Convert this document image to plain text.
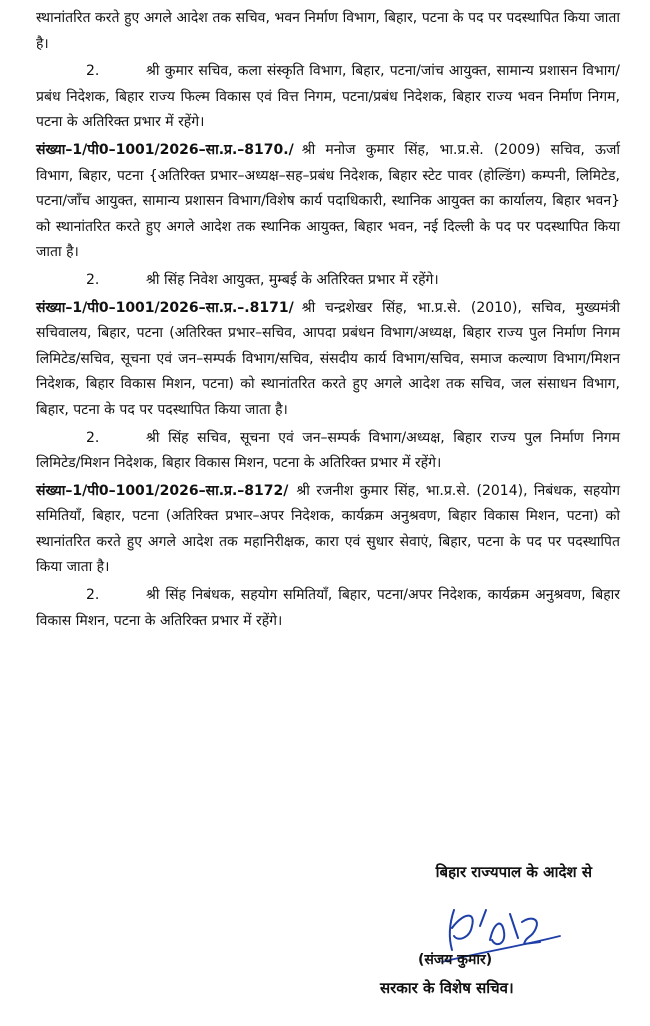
स्थानांतरित करते हुए अगले आदेश तक सचिव, भवन निर्माण विभाग, बिहार, पटना के पद पर पदस्थापित किया जाता है।

2.	श्री कुमार सचिव, कला संस्कृति विभाग, बिहार, पटना/जांच आयुक्त, सामान्य प्रशासन विभाग/प्रबंध निदेशक, बिहार राज्य फिल्म विकास एवं वित्त निगम, पटना/प्रबंध निदेशक, बिहार राज्य भवन निर्माण निगम, पटना के अतिरिक्त प्रभार में रहेंगे।

संख्या–1/पी0–1001/2026–सा.प्र.–8170./ श्री मनोज कुमार सिंह, भा.प्र.से. (2009) सचिव, ऊर्जा विभाग, बिहार, पटना {अतिरिक्त प्रभार–अध्यक्ष–सह–प्रबंध निदेशक, बिहार स्टेट पावर (होल्डिंग) कम्पनी, लिमिटेड, पटना/जाँच आयुक्त, सामान्य प्रशासन विभाग/विशेष कार्य पदाधिकारी, स्थानिक आयुक्त का कार्यालय, बिहार भवन} को स्थानांतरित करते हुए अगले आदेश तक स्थानिक आयुक्त, बिहार भवन, नई दिल्ली के पद पर पदस्थापित किया जाता है।

2.	श्री सिंह निवेश आयुक्त, मुम्बई के अतिरिक्त प्रभार में रहेंगे।

संख्या–1/पी0–1001/2026–सा.प्र.–.8171/ श्री चन्द्रशेखर सिंह, भा.प्र.से. (2010), सचिव, मुख्यमंत्री सचिवालय, बिहार, पटना (अतिरिक्त प्रभार–सचिव, आपदा प्रबंधन विभाग/अध्यक्ष, बिहार राज्य पुल निर्माण निगम लिमिटेड/सचिव, सूचना एवं जन–सम्पर्क विभाग/सचिव, संसदीय कार्य विभाग/सचिव, समाज कल्याण विभाग/मिशन निदेशक, बिहार विकास मिशन, पटना) को स्थानांतरित करते हुए अगले आदेश तक सचिव, जल संसाधन विभाग, बिहार, पटना के पद पर पदस्थापित किया जाता है।

2.	श्री सिंह सचिव, सूचना एवं जन–सम्पर्क विभाग/अध्यक्ष, बिहार राज्य पुल निर्माण निगम लिमिटेड/मिशन निदेशक, बिहार विकास मिशन, पटना के अतिरिक्त प्रभार में रहेंगे।

संख्या–1/पी0–1001/2026–सा.प्र.–8172/ श्री रजनीश कुमार सिंह, भा.प्र.से. (2014), निबंधक, सहयोग समितियाँ, बिहार, पटना (अतिरिक्त प्रभार–अपर निदेशक, कार्यक्रम अनुश्रवण, बिहार विकास मिशन, पटना) को स्थानांतरित करते हुए अगले आदेश तक महानिरीक्षक, कारा एवं सुधार सेवाएं, बिहार, पटना के पद पर पदस्थापित किया जाता है।

2.	श्री सिंह निबंधक, सहयोग समितियाँ, बिहार, पटना/अपर निदेशक, कार्यक्रम अनुश्रवण, बिहार विकास मिशन, पटना के अतिरिक्त प्रभार में रहेंगे।

बिहार राज्यपाल के आदेश से
(संजय कुमार)
सरकार के विशेष सचिव।
